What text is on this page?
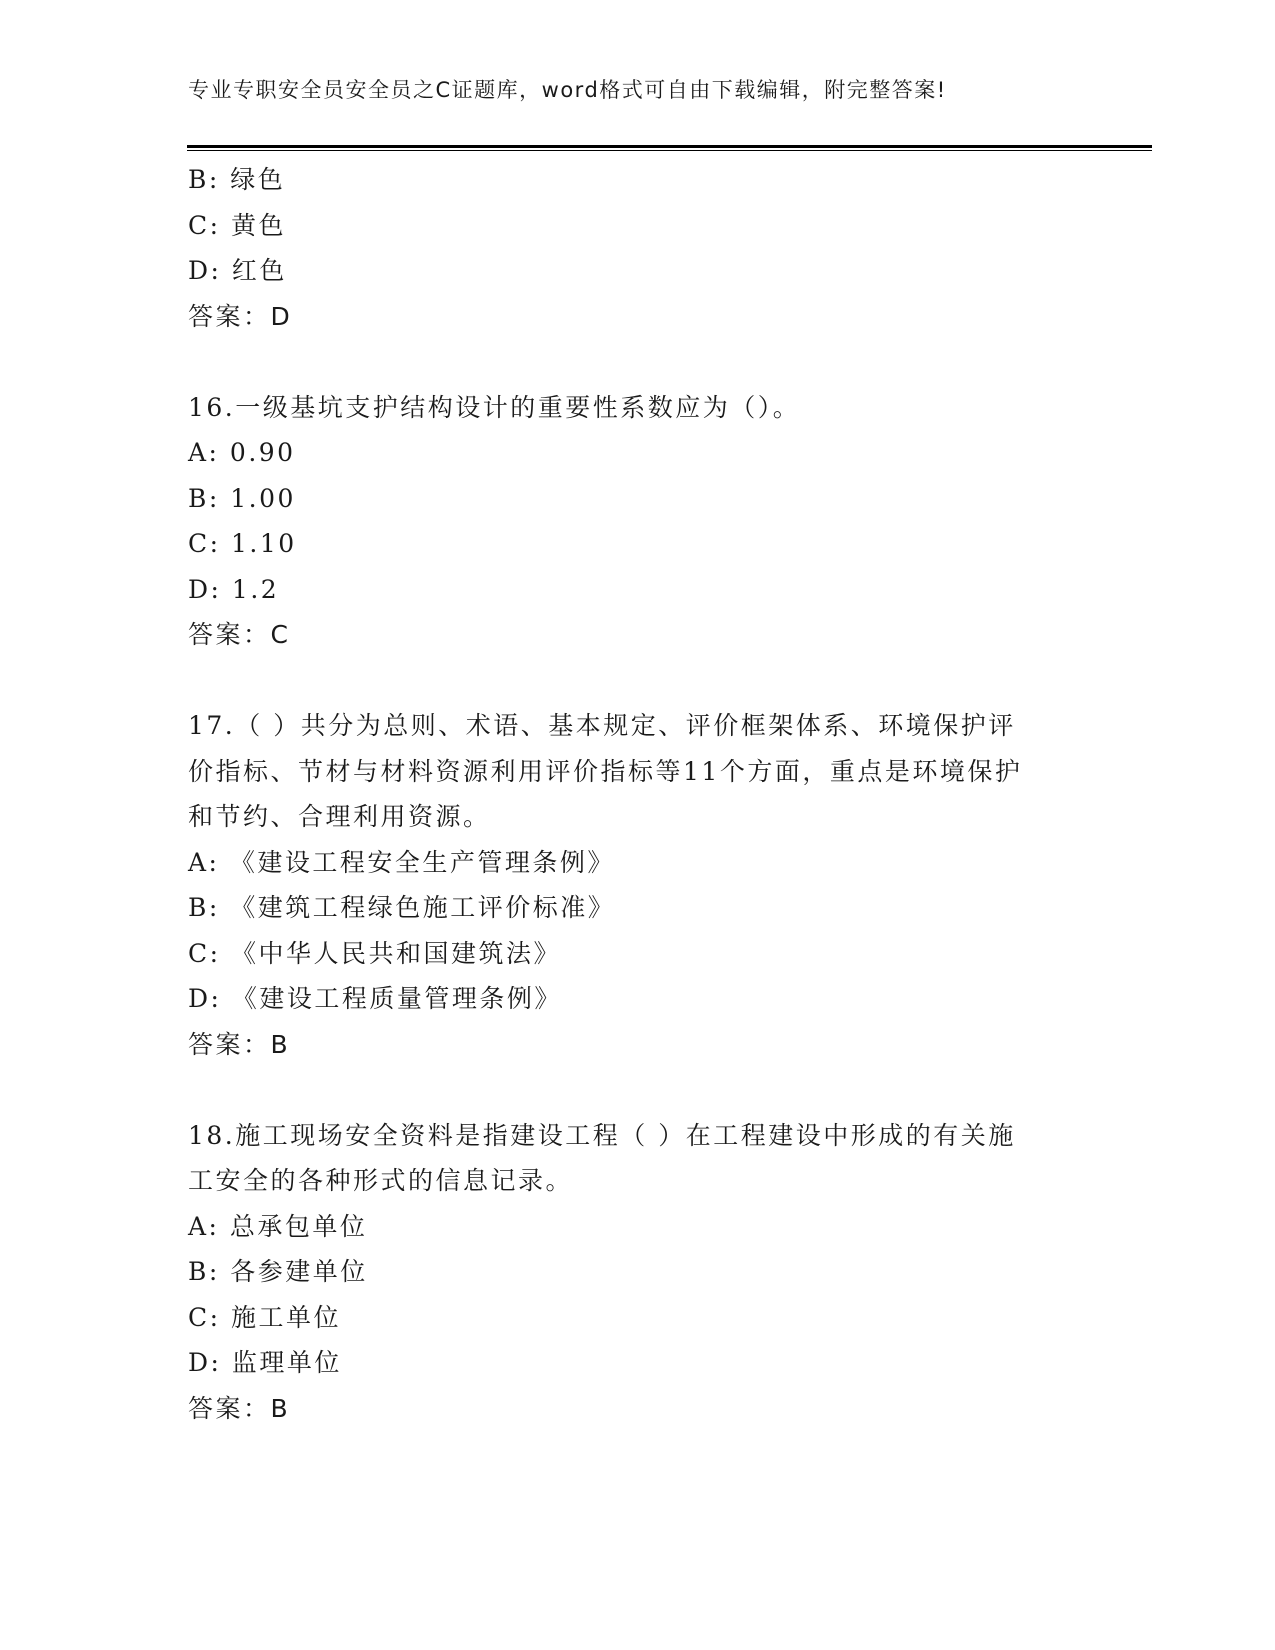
专业专职安全员安全员之C证题库，word格式可自由下载编辑，附完整答案!
B: 绿色
C: 黄色
D: 红色
答案：D
16.一级基坑支护结构设计的重要性系数应为（）。
A: 0.90
B: 1.00
C: 1.10
D: 1.2
答案：C
17.（ ）共分为总则、术语、基本规定、评价框架体系、环境保护评
价指标、节材与材料资源利用评价指标等11个方面，重点是环境保护
和节约、合理利用资源。
A: 《建设工程安全生产管理条例》
B: 《建筑工程绿色施工评价标准》
C: 《中华人民共和国建筑法》
D: 《建设工程质量管理条例》
答案：B
18.施工现场安全资料是指建设工程（ ）在工程建设中形成的有关施
工安全的各种形式的信息记录。
A: 总承包单位
B: 各参建单位
C: 施工单位
D: 监理单位
答案：B
